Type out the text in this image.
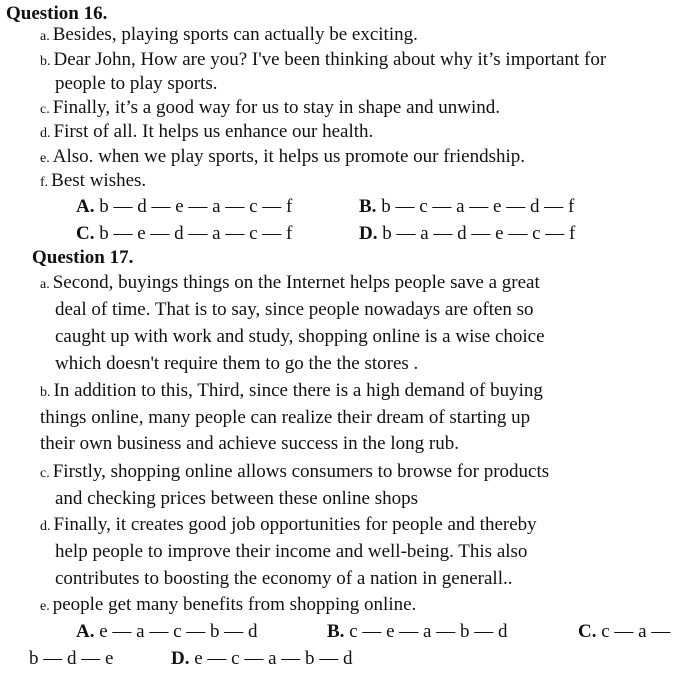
Question 16.
a. Besides, playing sports can actually be exciting.
b. Dear John, How are you? I've been thinking about why it’s important for
people to play sports.
c. Finally, it’s a good way for us to stay in shape and unwind.
d. First of all. It helps us enhance our health.
e. Also. when we play sports, it helps us promote our friendship.
f. Best wishes.
A. b — d — e — a — c — f	B. b — c — a — e — d — f
C. b — e — d — a — c — f	D. b — a — d — e — c — f
Question 17.
a. Second, buyings things on the Internet helps people save a great
deal of time. That is to say, since people nowadays are often so
caught up with work and study, shopping online is a wise choice
which doesn't require them to go the the stores .
b. In addition to this, Third, since there is a high demand of buying
things online, many people can realize their dream of starting up
their own business and achieve success in the long rub.
c. Firstly, shopping online allows consumers to browse for products
and checking prices between these online shops
d. Finally, it creates good job opportunities for people and thereby
help people to improve their income and well-being. This also
contributes to boosting the economy of a nation in generall..
e. people get many benefits from shopping online.
A. e — a — c — b — d	B. c — e — a — b — d	C. c — a —
b — d — e	D. e — c — a — b — d
